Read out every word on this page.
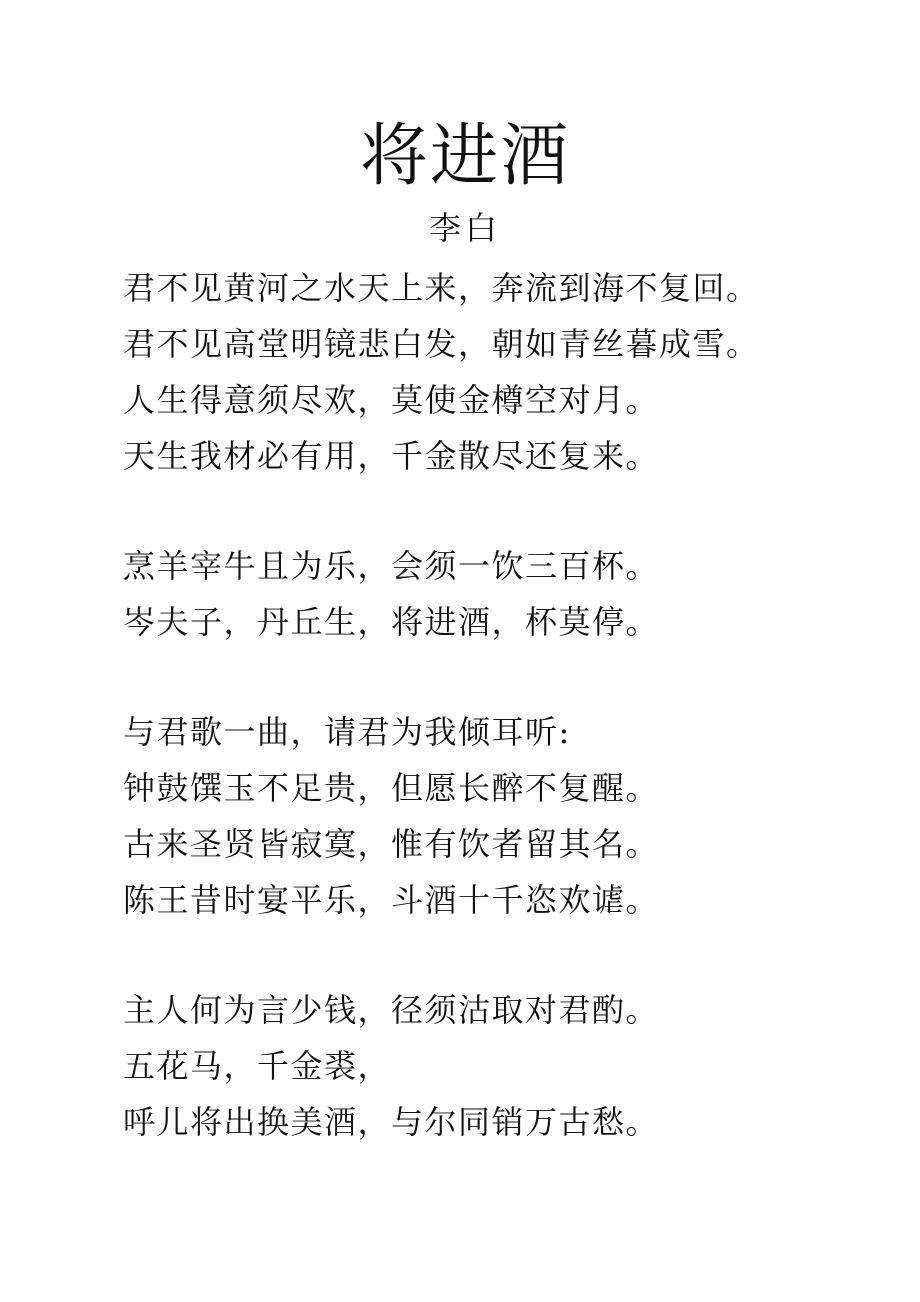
将进酒
李白
君不见黄河之水天上来，奔流到海不复回。
君不见高堂明镜悲白发，朝如青丝暮成雪。
人生得意须尽欢，莫使金樽空对月。
天生我材必有用，千金散尽还复来。
烹羊宰牛且为乐，会须一饮三百杯。
岑夫子，丹丘生，将进酒，杯莫停。
与君歌一曲，请君为我倾耳听:
钟鼓馔玉不足贵，但愿长醉不复醒。
古来圣贤皆寂寞，惟有饮者留其名。
陈王昔时宴平乐，斗酒十千恣欢谑。
主人何为言少钱，径须沽取对君酌。
五花马，千金裘，
呼儿将出换美酒，与尔同销万古愁。
